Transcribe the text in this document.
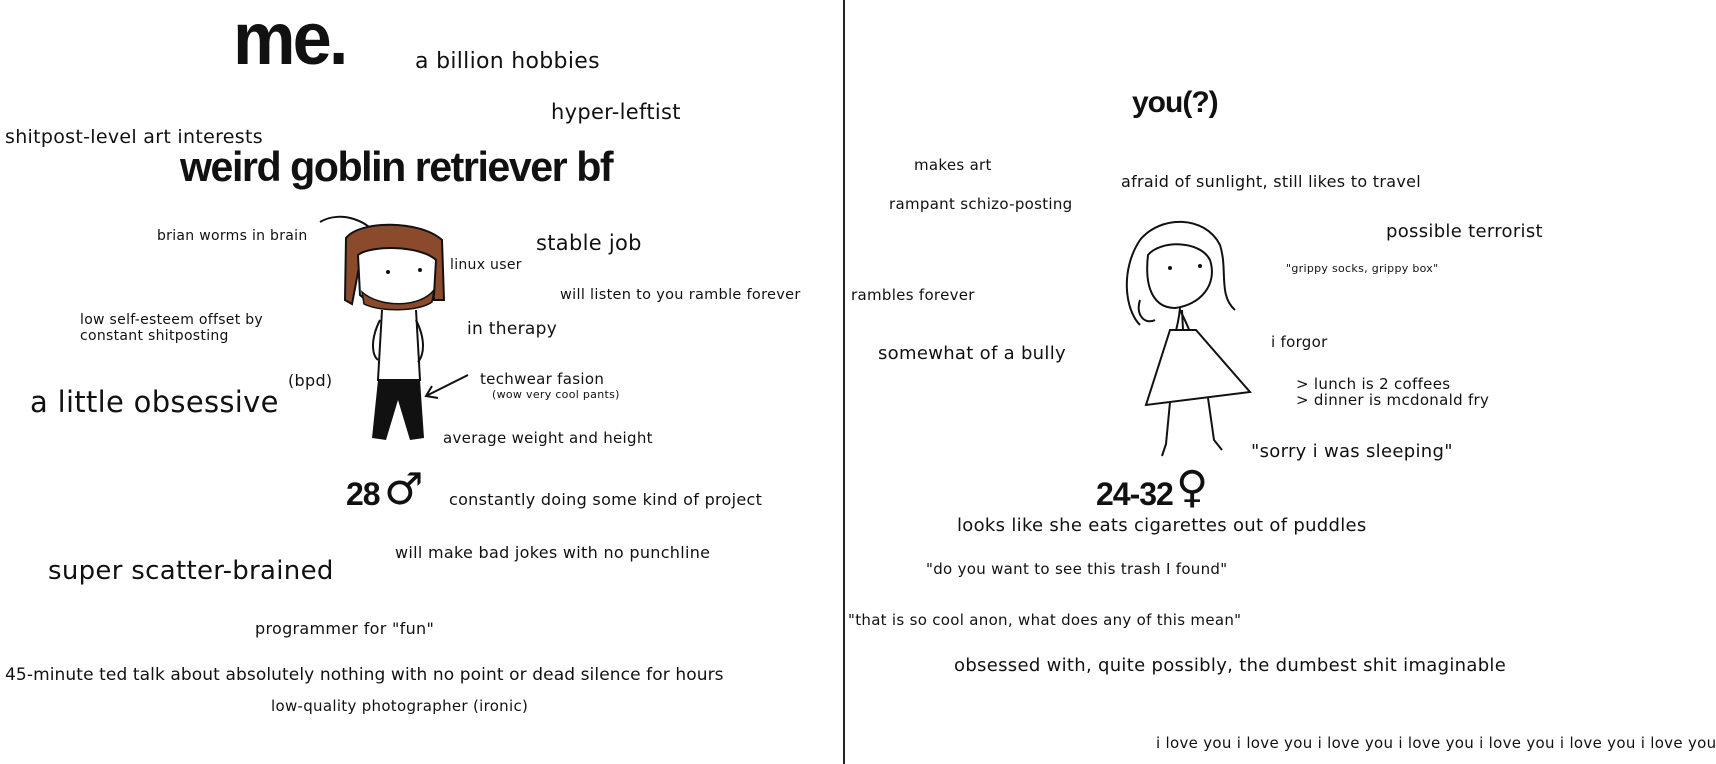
me.	a billion hobbies
hyper-leftist
shitpost-level art interests
weird goblin retriever bf
brian worms in brain	stable job
linux user
will listen to you ramble forever
low self-esteem offset by
constant shitposting	in therapy
(bpd)
a little obsessive
techwear fasion
(wow very cool pants)
average weight and height
28 ♂ constantly doing some kind of project
will make bad jokes with no punchline
super scatter-brained
programmer for "fun"
45-minute ted talk about absolutely nothing with no point or dead silence for hours
low-quality photographer (ironic)
you(?)
makes art
afraid of sunlight, still likes to travel
rampant schizo-posting
possible terrorist
"grippy socks, grippy box"
rambles forever
i forgor
somewhat of a bully
> lunch is 2 coffees
> dinner is mcdonald fry
"sorry i was sleeping"
24-32 ♀
looks like she eats cigarettes out of puddles
"do you want to see this trash I found"
"that is so cool anon, what does any of this mean"
obsessed with, quite possibly, the dumbest shit imaginable
i love you i love you i love you i love you i love you i love you i love you
